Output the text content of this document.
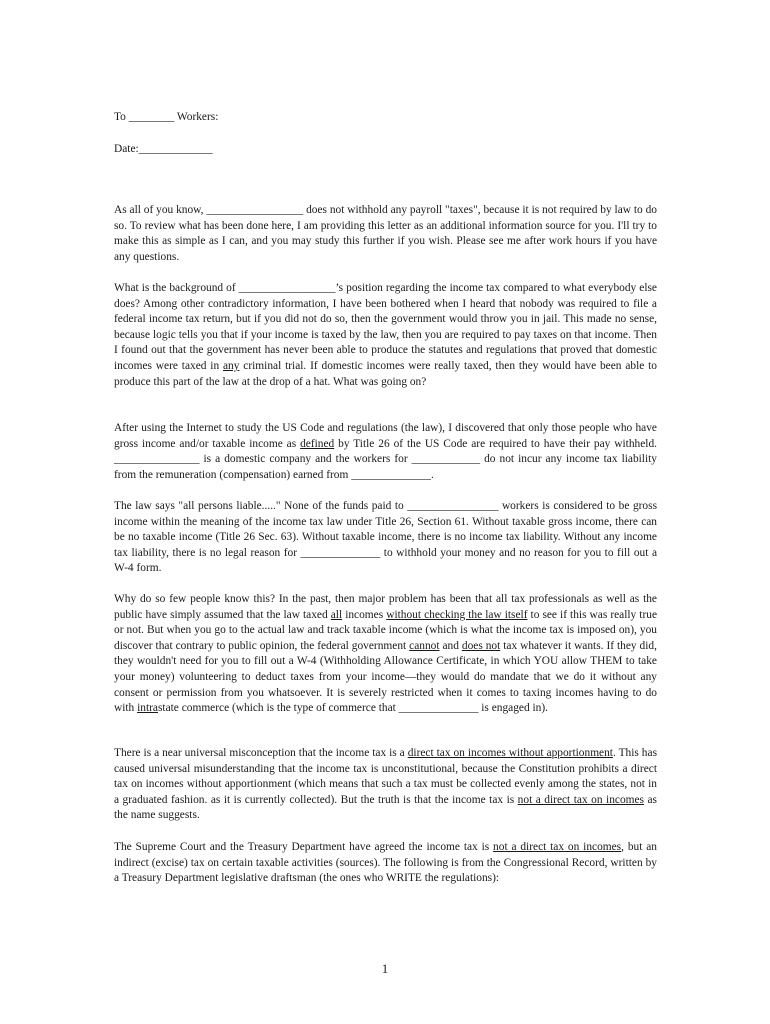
To ________ Workers:
Date:_____________

As all of you know, _________________ does not withhold any payroll "taxes", because it is not required by law to do so. To review what has been done here, I am providing this letter as an additional information source for you. I'll try to make this as simple as I can, and you may study this further if you wish. Please see me after work hours if you have any questions.

What is the background of _________________’s position regarding the income tax compared to what everybody else does? Among other contradictory information, I have been bothered when I heard that nobody was required to file a federal income tax return, but if you did not do so, then the government would throw you in jail. This made no sense, because logic tells you that if your income is taxed by the law, then you are required to pay taxes on that income. Then I found out that the government has never been able to produce the statutes and regulations that proved that domestic incomes were taxed in any criminal trial. If domestic incomes were really taxed, then they would have been able to produce this part of the law at the drop of a hat. What was going on?

After using the Internet to study the US Code and regulations (the law), I discovered that only those people who have gross income and/or taxable income as defined by Title 26 of the US Code are required to have their pay withheld. _______________ is a domestic company and the workers for ____________ do not incur any income tax liability from the remuneration (compensation) earned from ______________.

The law says "all persons liable....." None of the funds paid to ________________ workers is considered to be gross income within the meaning of the income tax law under Title 26, Section 61. Without taxable gross income, there can be no taxable income (Title 26 Sec. 63). Without taxable income, there is no income tax liability. Without any income tax liability, there is no legal reason for ______________ to withhold your money and no reason for you to fill out a W-4 form.

Why do so few people know this? In the past, then major problem has been that all tax professionals as well as the public have simply assumed that the law taxed all incomes without checking the law itself to see if this was really true or not. But when you go to the actual law and track taxable income (which is what the income tax is imposed on), you discover that contrary to public opinion, the federal government cannot and does not tax whatever it wants. If they did, they wouldn't need for you to fill out a W-4 (Withholding Allowance Certificate, in which YOU allow THEM to take your money) volunteering to deduct taxes from your income—they would do mandate that we do it without any consent or permission from you whatsoever. It is severely restricted when it comes to taxing incomes having to do with intrastate commerce (which is the type of commerce that ______________ is engaged in).

There is a near universal misconception that the income tax is a direct tax on incomes without apportionment. This has caused universal misunderstanding that the income tax is unconstitutional, because the Constitution prohibits a direct tax on incomes without apportionment (which means that such a tax must be collected evenly among the states, not in a graduated fashion. as it is currently collected). But the truth is that the income tax is not a direct tax on incomes as the name suggests.

The Supreme Court and the Treasury Department have agreed the income tax is not a direct tax on incomes, but an indirect (excise) tax on certain taxable activities (sources). The following is from the Congressional Record, written by a Treasury Department legislative draftsman (the ones who WRITE the regulations):

1
